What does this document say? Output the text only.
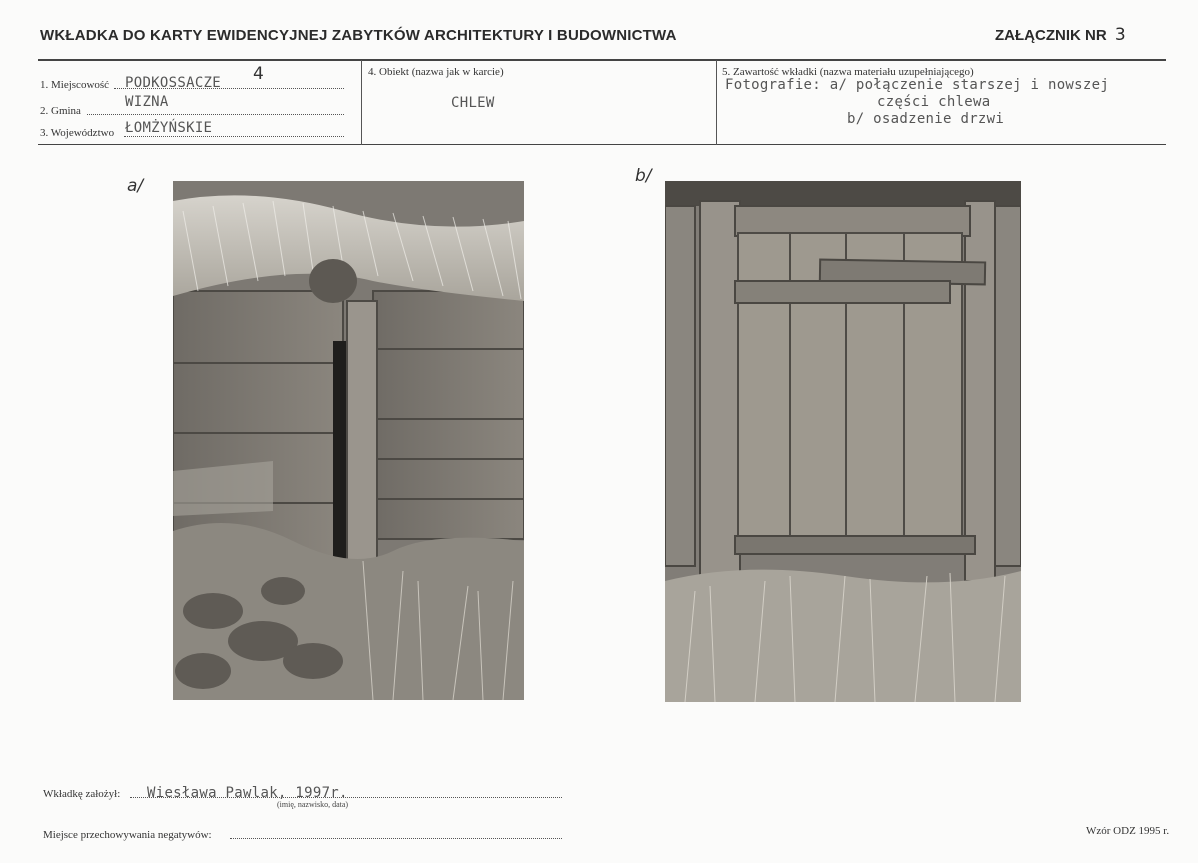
WKŁADKA DO KARTY EWIDENCYJNEJ ZABYTKÓW ARCHITEKTURY I BUDOWNICTWA	ZAŁĄCZNIK NR 3
1. Miejscowość PODKOSSACZE 4
2. Gmina
WIZNA
3. Województwo ŁOMŻYŃSKIE
4. Obiekt (nazwa jak w karcie)
CHLEW
5. Zawartość wkładki (nazwa materiału uzupełniającego)
Fotografie: a/ połączenie starszej i nowszej
części chlewa
b/ osadzenie drzwi
a/	b/
Wkładkę założył: Wiesława Pawlak, 1997r.
(imię, nazwisko, data)
Miejsce przechowywania negatywów:	Wzór ODZ 1995 r.
